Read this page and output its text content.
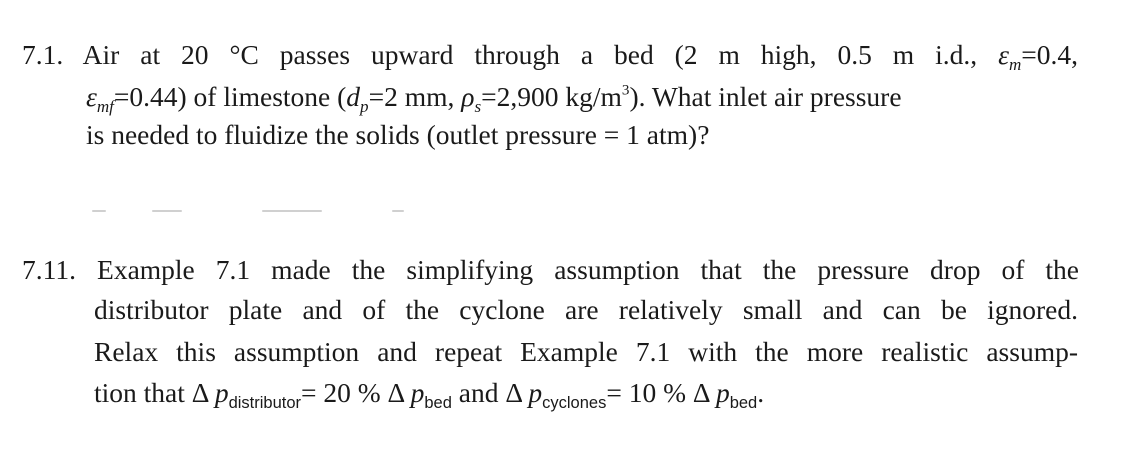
7.1. Air at 20 °C passes upward through a bed (2 m high, 0.5 m i.d., $\varepsilon_m=0.4$,
$\varepsilon_{mf}=0.44$) of limestone ($d_p=2$ mm, $\rho_s=2,900$ $kg/m^3$). What inlet air pressure
is needed to fluidize the solids (outlet pressure = 1 atm)?
7.11. Example 7.1 made the simplifying assumption that the pressure drop of the
distributor plate and of the cyclone are relatively small and can be ignored.
Relax this assumption and repeat Example 7.1 with the more realistic assump-
tion that Δ $p_{distributor}= 20$ % Δ $p_{bed}$ and Δ $p_{cyclones}= 10$ % Δ $p_{bed}$.
